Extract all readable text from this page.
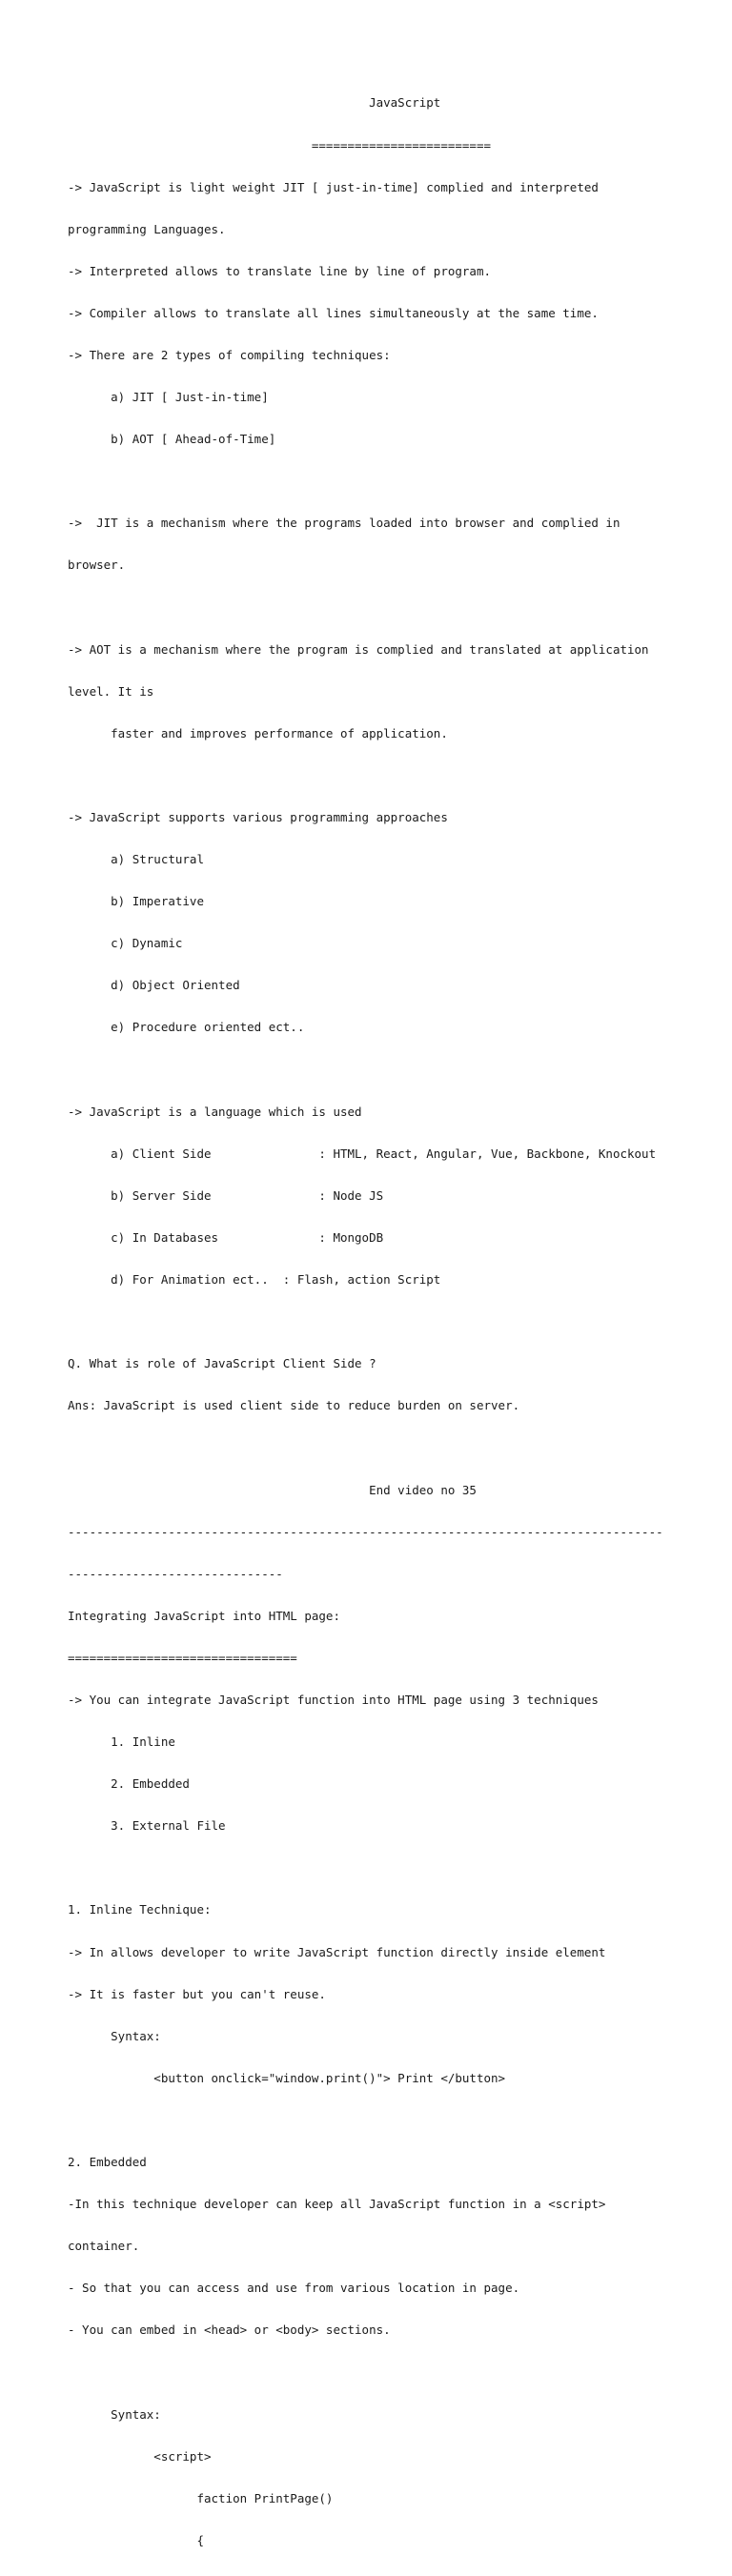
JavaScript

=========================

-> JavaScript is light weight JIT [ just-in-time] complied and interpreted

programming Languages.

-> Interpreted allows to translate line by line of program.

-> Compiler allows to translate all lines simultaneously at the same time.

-> There are 2 types of compiling techniques:

a) JIT [ Just-in-time]

b) AOT [ Ahead-of-Time]

->  JIT is a mechanism where the programs loaded into browser and complied in

browser.

-> AOT is a mechanism where the program is complied and translated at application

level. It is

faster and improves performance of application.

-> JavaScript supports various programming approaches

a) Structural

b) Imperative

c) Dynamic

d) Object Oriented

e) Procedure oriented ect..

-> JavaScript is a language which is used

a) Client Side               : HTML, React, Angular, Vue, Backbone, Knockout

b) Server Side               : Node JS

c) In Databases              : MongoDB

d) For Animation ect..  : Flash, action Script

Q. What is role of JavaScript Client Side ?

Ans: JavaScript is used client side to reduce burden on server.

End video no 35

-----------------------------------------------------------------------------------

------------------------------

Integrating JavaScript into HTML page:

================================

-> You can integrate JavaScript function into HTML page using 3 techniques

1. Inline

2. Embedded

3. External File

1. Inline Technique:

-> In allows developer to write JavaScript function directly inside element

-> It is faster but you can't reuse.

Syntax:

<button onclick="window.print()"> Print </button>

2. Embedded

-In this technique developer can keep all JavaScript function in a <script>

container.

- So that you can access and use from various location in page.

- You can embed in <head> or <body> sections.

Syntax:

<script>

faction PrintPage()

{
